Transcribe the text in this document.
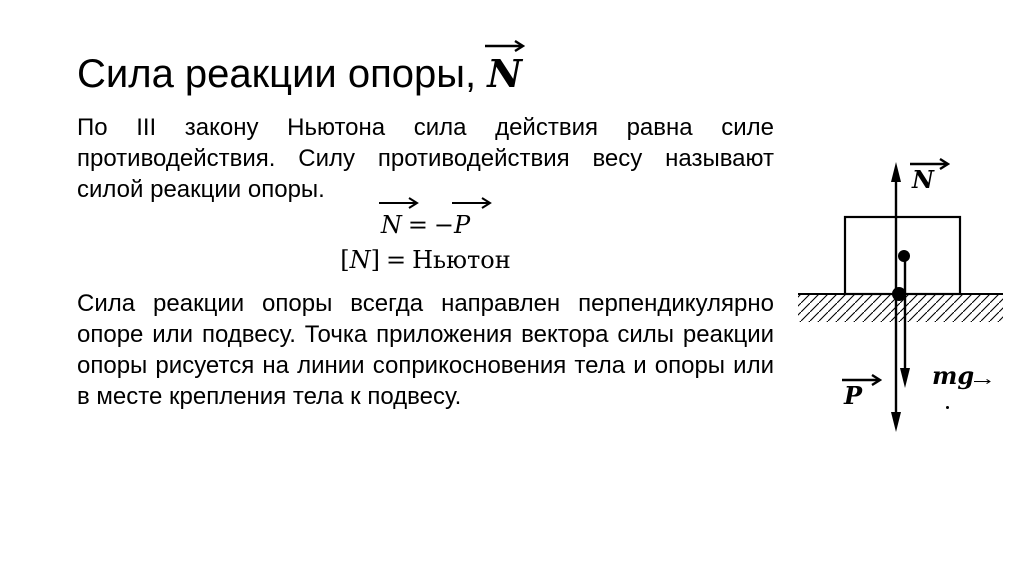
Сила реакции опоры, N
По III закону Ньютона сила действия равна силе противодействия. Силу противодействия весу называют силой реакции опоры.
N = −P
[N] = Ньютон
Сила реакции опоры всегда направлен перпендикулярно опоре или подвесу. Точка приложения вектора силы реакции опоры рисуется на линии соприкосновения тела и опоры или в месте крепления тела к подвесу.
N
P
mg
